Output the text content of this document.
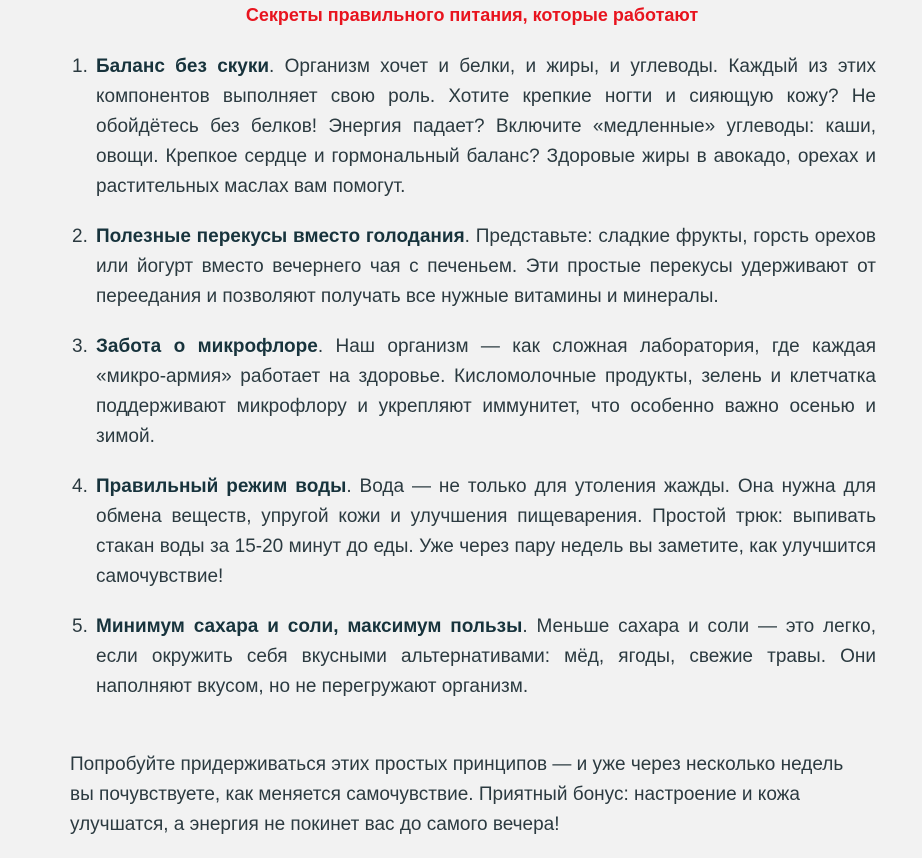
Секреты правильного питания, которые работают
1. Баланс без скуки. Организм хочет и белки, и жиры, и углеводы. Каждый из этих компонентов выполняет свою роль. Хотите крепкие ногти и сияющую кожу? Не обойдётесь без белков! Энергия падает? Включите «медленные» углеводы: каши, овощи. Крепкое сердце и гормональный баланс? Здоровые жиры в авокадо, орехах и растительных маслах вам помогут.
2. Полезные перекусы вместо голодания. Представьте: сладкие фрукты, горсть орехов или йогурт вместо вечернего чая с печеньем. Эти простые перекусы удерживают от переедания и позволяют получать все нужные витамины и минералы.
3. Забота о микрофлоре. Наш организм — как сложная лаборатория, где каждая «микро-армия» работает на здоровье. Кисломолочные продукты, зелень и клетчатка поддерживают микрофлору и укрепляют иммунитет, что особенно важно осенью и зимой.
4. Правильный режим воды. Вода — не только для утоления жажды. Она нужна для обмена веществ, упругой кожи и улучшения пищеварения. Простой трюк: выпивать стакан воды за 15-20 минут до еды. Уже через пару недель вы заметите, как улучшится самочувствие!
5. Минимум сахара и соли, максимум пользы. Меньше сахара и соли — это легко, если окружить себя вкусными альтернативами: мёд, ягоды, свежие травы. Они наполняют вкусом, но не перегружают организм.
Попробуйте придерживаться этих простых принципов — и уже через несколько недель вы почувствуете, как меняется самочувствие. Приятный бонус: настроение и кожа улучшатся, а энергия не покинет вас до самого вечера!
